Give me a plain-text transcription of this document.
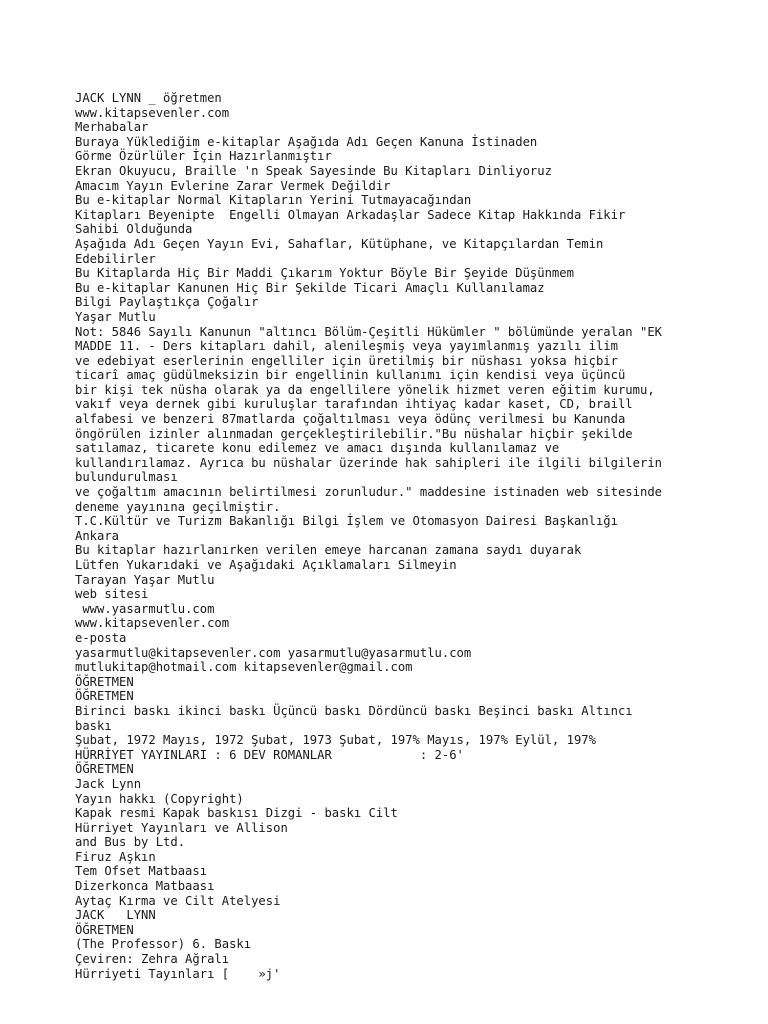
JACK LYNN _ öğretmen
www.kitapsevenler.com
Merhabalar
Buraya Yüklediğim e-kitaplar Aşağıda Adı Geçen Kanuna İstinaden
Görme Özürlüler İçin Hazırlanmıştır
Ekran Okuyucu, Braille 'n Speak Sayesinde Bu Kitapları Dinliyoruz
Amacım Yayın Evlerine Zarar Vermek Değildir
Bu e-kitaplar Normal Kitapların Yerini Tutmayacağından
Kitapları Beyenipte  Engelli Olmayan Arkadaşlar Sadece Kitap Hakkında Fikir
Sahibi Olduğunda
Aşağıda Adı Geçen Yayın Evi, Sahaflar, Kütüphane, ve Kitapçılardan Temin
Edebilirler
Bu Kitaplarda Hiç Bir Maddi Çıkarım Yoktur Böyle Bir Şeyide Düşünmem
Bu e-kitaplar Kanunen Hiç Bir Şekilde Ticari Amaçlı Kullanılamaz
Bilgi Paylaştıkça Çoğalır
Yaşar Mutlu
Not: 5846 Sayılı Kanunun "altıncı Bölüm-Çeşitli Hükümler " bölümünde yeralan "EK
MADDE 11. - Ders kitapları dahil, alenileşmiş veya yayımlanmış yazılı ilim
ve edebiyat eserlerinin engelliler için üretilmiş bir nüshası yoksa hiçbir
ticarî amaç güdülmeksizin bir engellinin kullanımı için kendisi veya üçüncü
bir kişi tek nüsha olarak ya da engellilere yönelik hizmet veren eğitim kurumu,
vakıf veya dernek gibi kuruluşlar tarafından ihtiyaç kadar kaset, CD, braill
alfabesi ve benzeri 87matlarda çoğaltılması veya ödünç verilmesi bu Kanunda
öngörülen izinler alınmadan gerçekleştirilebilir."Bu nüshalar hiçbir şekilde
satılamaz, ticarete konu edilemez ve amacı dışında kullanılamaz ve
kullandırılamaz. Ayrıca bu nüshalar üzerinde hak sahipleri ile ilgili bilgilerin
bulundurulması
ve çoğaltım amacının belirtilmesi zorunludur." maddesine istinaden web sitesinde
deneme yayınına geçilmiştir.
T.C.Kültür ve Turizm Bakanlığı Bilgi İşlem ve Otomasyon Dairesi Başkanlığı
Ankara
Bu kitaplar hazırlanırken verilen emeye harcanan zamana saydı duyarak
Lütfen Yukarıdaki ve Aşağıdaki Açıklamaları Silmeyin
Tarayan Yaşar Mutlu
web sitesi
www.yasarmutlu.com
www.kitapsevenler.com
e-posta
yasarmutlu@kitapsevenler.com yasarmutlu@yasarmutlu.com
mutlukitap@hotmail.com kitapsevenler@gmail.com
ÖĞRETMEN
ÖĞRETMEN
Birinci baskı ikinci baskı Üçüncü baskı Dördüncü baskı Beşinci baskı Altıncı
baskı
Şubat, 1972 Mayıs, 1972 Şubat, 1973 Şubat, 197% Mayıs, 197% Eylül, 197%
HÜRRİYET YAYINLARI : 6 DEV ROMANLAR            : 2-6'
ÖĞRETMEN
Jack Lynn
Yayın hakkı (Copyright)
Kapak resmi Kapak baskısı Dizgi - baskı Cilt
Hürriyet Yayınları ve Allison
and Bus by Ltd.
Firuz Aşkın
Tem Ofset Matbaası
Dizerkonca Matbaası
Aytaç Kırma ve Cilt Atelyesi
JACK   LYNN
ÖĞRETMEN
(The Professor) 6. Baskı
Çeviren: Zehra Ağralı
Hürriyeti Tayınları [    »j'
